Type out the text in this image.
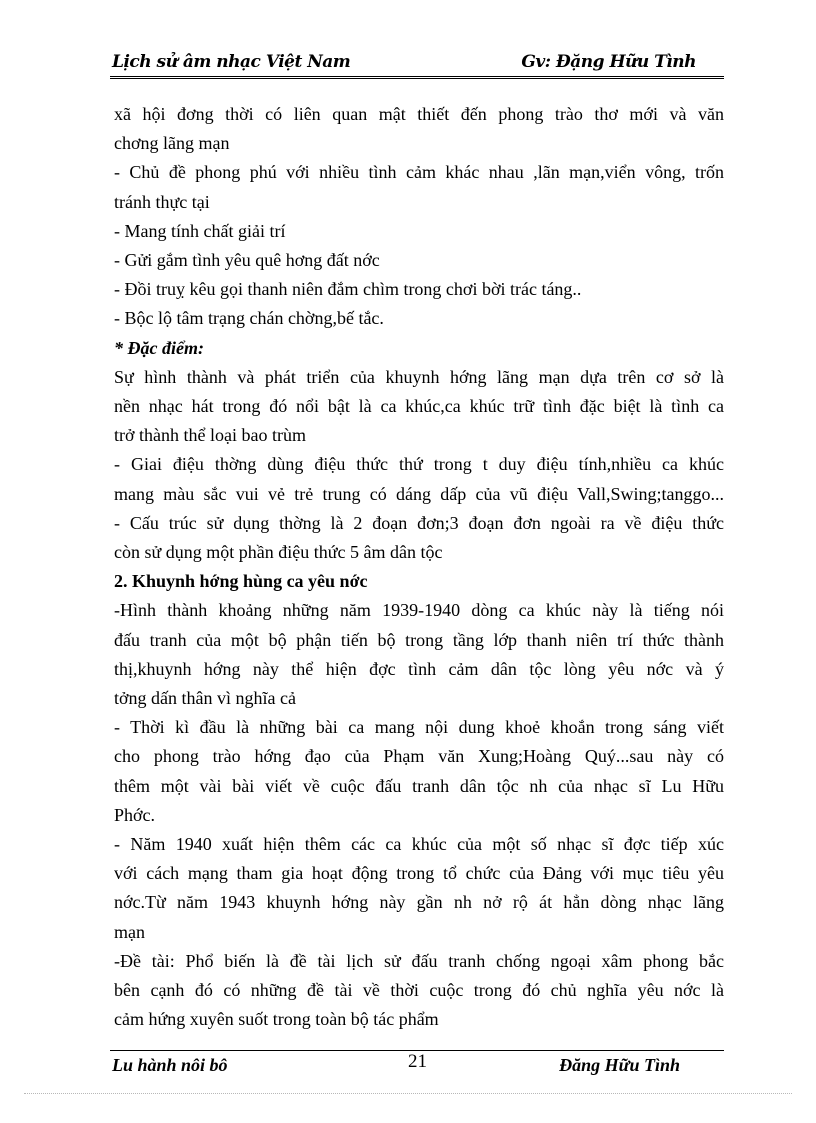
Lịch sử âm nhạc Việt Nam	Gv: Đặng Hữu Tình

xã hội đơng thời có liên quan mật thiết đến phong trào thơ mới và văn

chơng lãng mạn

- Chủ đề phong phú với nhiều tình cảm khác nhau ,lãn mạn,viển vông, trốn

tránh thực tại

- Mang tính chất giải trí

- Gửi gắm tình yêu quê hơng đất nớc

- Đồi truỵ kêu gọi thanh niên đắm chìm trong chơi bời trác táng..

- Bộc lộ tâm trạng chán chờng,bế tắc.

* Đặc điểm:

Sự hình thành và phát triển của khuynh hớng lãng mạn dựa trên cơ sở là

nền nhạc hát trong đó nổi bật là ca khúc,ca khúc trữ tình đặc biệt là tình ca

trở thành thể loại bao trùm

- Giai điệu thờng dùng điệu thức thứ trong t duy điệu tính,nhiều ca khúc

mang màu sắc vui vẻ trẻ trung có dáng dấp của vũ điệu Vall,Swing;tanggo...

- Cấu trúc sử dụng thờng là 2 đoạn đơn;3 đoạn đơn ngoài ra về điệu thức

còn sử dụng một phần điệu thức 5 âm dân tộc

2. Khuynh hớng hùng ca yêu nớc

-Hình thành khoảng những năm 1939-1940 dòng ca khúc này là tiếng nói

đấu tranh của một bộ phận tiến bộ trong tầng lớp thanh niên trí thức thành

thị,khuynh hớng này thể hiện đợc tình cảm dân tộc lòng yêu nớc và ý

tởng dấn thân vì nghĩa cả

- Thời kì đầu là những bài ca mang nội dung khoẻ khoắn trong sáng viết

cho phong trào hớng đạo của Phạm văn Xung;Hoàng Quý...sau này có

thêm một vài bài viết về cuộc đấu tranh dân tộc nh của nhạc sĩ Lu Hữu

Phớc.

- Năm 1940 xuất hiện thêm các ca khúc của một số nhạc sĩ đợc tiếp xúc

với cách mạng tham gia hoạt động trong tổ chức của Đảng với mục tiêu yêu

nớc.Từ năm 1943 khuynh hớng này gần nh nở rộ át hẳn dòng nhạc lãng

mạn

-Đề tài: Phổ biến là đề tài lịch sử đấu tranh chống ngoại xâm phong bắc

bên cạnh đó có những đề tài về thời cuộc trong đó chủ nghĩa yêu nớc là

cảm hứng xuyên suốt trong toàn bộ tác phẩm

Lu hành nôi bô	21	Đăng Hữu Tình
